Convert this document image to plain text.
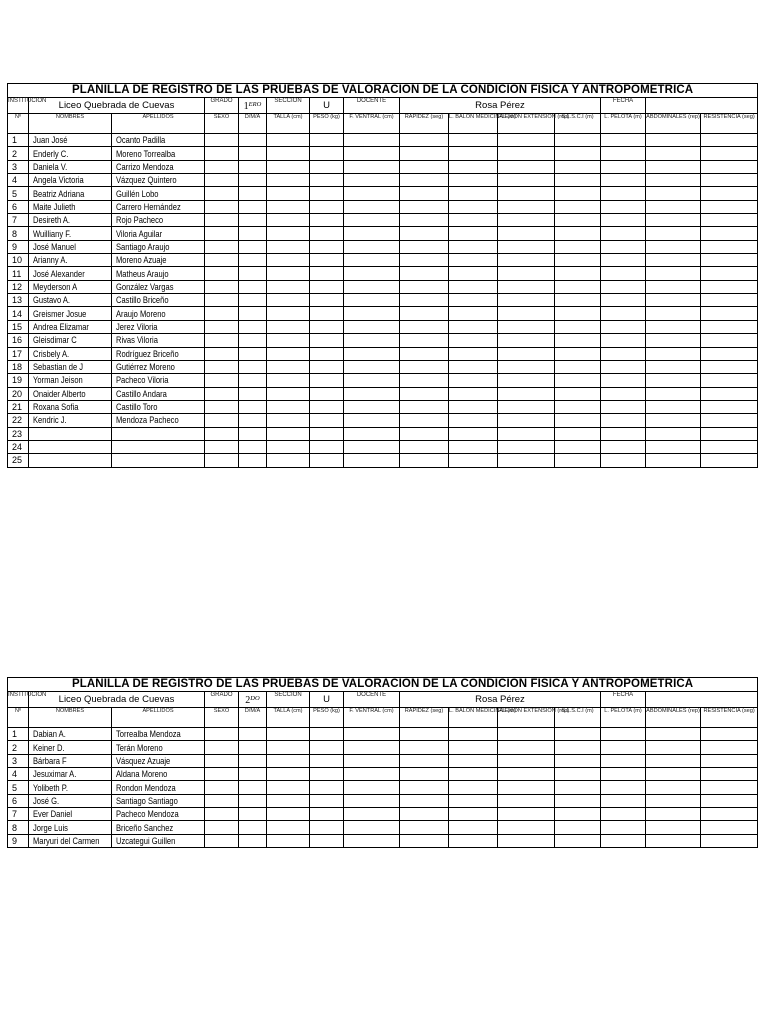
PLANILLA DE REGISTRO DE LAS PRUEBAS DE VALORACION DE LA CONDICION FISICA Y ANTROPOMETRICA														
INSTITUCION	Liceo Quebrada de Cuevas		GRADO	$1^{ERO}$	SECCION	U	DOCENTE	Rosa Pérez				FECHA		
Nº	NOMBRES	APELLIDOS	SEXO	D/M/A	TALLA (cm)	PESO (kg)	F. VENTRAL (cm)	RAPIDEZ (seg)	L. BALON MEDICINAL (m)	FLEXION EXTENSION (rep)	S.L.S.C.I (m)	L. PELOTA (m)	ABDOMINALES (rep)	RESISTENCIA (seg)
1	Juan José	Ocanto Padilla												
2	Enderly C.	Moreno Torrealba												
3	Daniela V.	Carrizo Mendoza												
4	Angela Victoria	Vázquez Quintero												
5	Beatriz Adriana	Guillén Lobo												
6	Maite Julieth	Carrero Hernández												
7	Desireth A.	Rojo Pacheco												
8	Wuilliany F.	Viloria Aguilar												
9	José Manuel	Santiago Araujo												
10	Arianny A.	Moreno Azuaje												
11	José Alexander	Matheus Araujo												
12	Meyderson A	González Vargas												
13	Gustavo A.	Castillo Briceño												
14	Greismer Josue	Araujo Moreno												
15	Andrea Elizamar	Jerez Viloria												
16	Gleisdimar C	Rivas Viloria												
17	Crisbely A.	Rodríguez Briceño												
18	Sebastian de J	Gutiérrez Moreno												
19	Yorman Jeison	Pacheco Viloria												
20	Onaider Alberto	Castillo Andara												
21	Roxana Sofia	Castillo Toro												
22	Kendric J.	Mendoza Pacheco												
23														
24														
25														
PLANILLA DE REGISTRO DE LAS PRUEBAS DE VALORACION DE LA CONDICION FISICA Y ANTROPOMETRICA														
INSTITUCION	Liceo Quebrada de Cuevas		GRADO	$2^{DO}$	SECCION	U	DOCENTE	Rosa Pérez				FECHA		
Nº	NOMBRES	APELLIDOS	SEXO	D/M/A	TALLA (cm)	PESO (kg)	F. VENTRAL (cm)	RAPIDEZ (seg)	L. BALON MEDICINAL (m)	FLEXION EXTENSION (rep)	S.L.S.C.I (m)	L. PELOTA (m)	ABDOMINALES (rep)	RESISTENCIA (seg)
1	Dabian A.	Torrealba Mendoza												
2	Keiner D.	Terán Moreno												
3	Bárbara F	Vásquez Azuaje												
4	Jesuximar A.	Aldana Moreno												
5	Yolibeth P.	Rondon Mendoza												
6	José G.	Santiago Santiago												
7	Ever Daniel	Pacheco Mendoza												
8	Jorge Luis	Briceño Sanchez												
9	Maryuri del Carmen	Uzcategui Guillen												
